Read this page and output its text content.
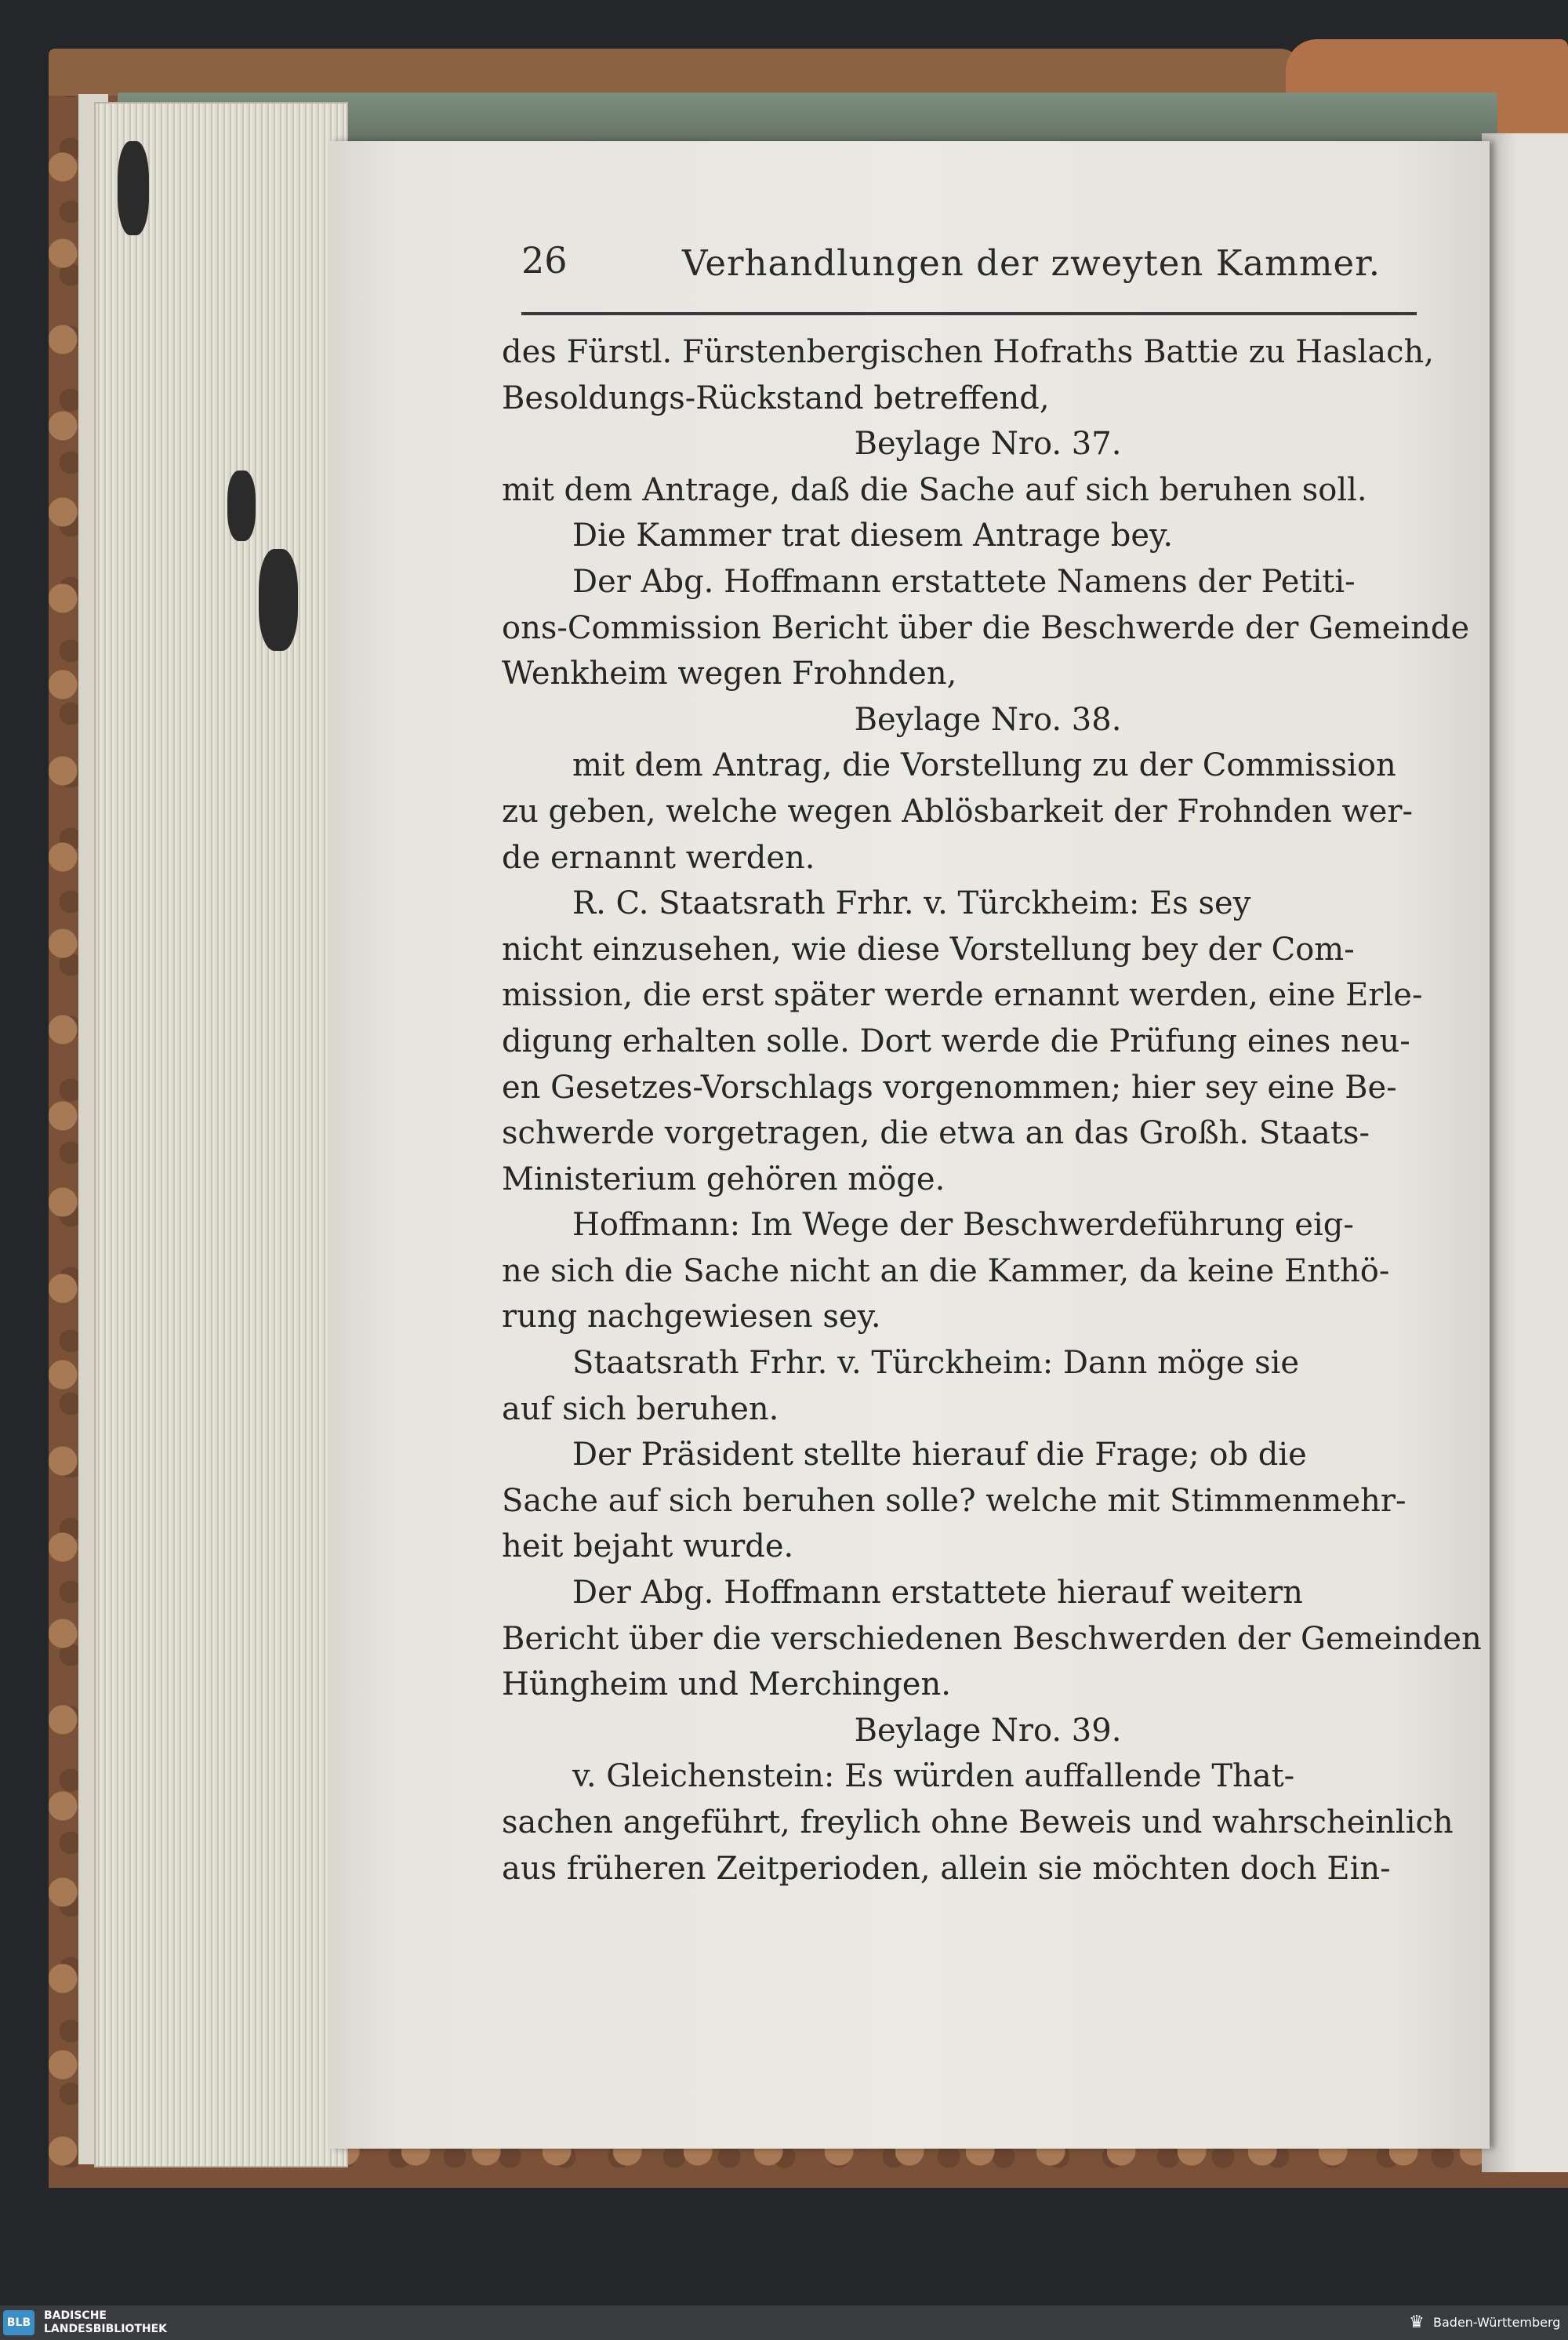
26	Verhandlungen der zweyten Kammer.
des Fürstl. Fürstenbergischen Hofraths Battie zu Haslach,
Besoldungs-Rückstand betreffend,
Beylage Nro. 37.
mit dem Antrage, daß die Sache auf sich beruhen soll.
Die Kammer trat diesem Antrage bey.
Der Abg. Hoffmann erstattete Namens der Petiti-
ons-Commission Bericht über die Beschwerde der Gemeinde
Wenkheim wegen Frohnden,
Beylage Nro. 38.
mit dem Antrag, die Vorstellung zu der Commission
zu geben, welche wegen Ablösbarkeit der Frohnden wer-
de ernannt werden.
R. C. Staatsrath Frhr. v. Türckheim: Es sey
nicht einzusehen, wie diese Vorstellung bey der Com-
mission, die erst später werde ernannt werden, eine Erle-
digung erhalten solle. Dort werde die Prüfung eines neu-
en Gesetzes-Vorschlags vorgenommen; hier sey eine Be-
schwerde vorgetragen, die etwa an das Großh. Staats-
Ministerium gehören möge.
Hoffmann: Im Wege der Beschwerdeführung eig-
ne sich die Sache nicht an die Kammer, da keine Enthö-
rung nachgewiesen sey.
Staatsrath Frhr. v. Türckheim: Dann möge sie
auf sich beruhen.
Der Präsident stellte hierauf die Frage; ob die
Sache auf sich beruhen solle? welche mit Stimmenmehr-
heit bejaht wurde.
Der Abg. Hoffmann erstattete hierauf weitern
Bericht über die verschiedenen Beschwerden der Gemeinden
Hüngheim und Merchingen.
Beylage Nro. 39.
v. Gleichenstein: Es würden auffallende That-
sachen angeführt, freylich ohne Beweis und wahrscheinlich
aus früheren Zeitperioden, allein sie möchten doch Ein-
BLB
BADISCHE
LANDESBIBLIOTHEK	♛ Baden-Württemberg
